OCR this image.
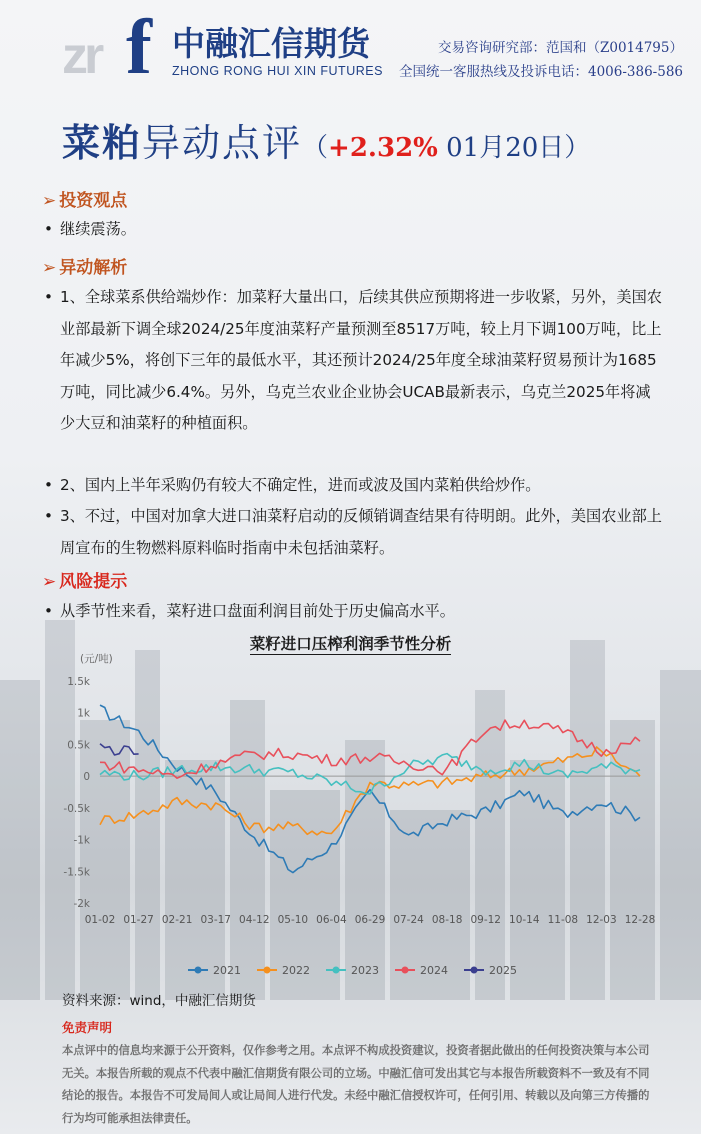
zr f 中融汇信期货
ZHONG RONG HUI XIN FUTURES
交易咨询研究部：范国和（Z0014795）
全国统一客服热线及投诉电话：4006-386-586
菜粕异动点评（+2.32% 01月20日）
➢ 投资观点
• 继续震荡。
➢ 异动解析
• 1、全球菜系供给端炒作：加菜籽大量出口，后续其供应预期将进一步收紧，另外，美国农业部最新下调全球2024/25年度油菜籽产量预测至8517万吨，较上月下调100万吨，比上年减少5%，将创下三年的最低水平，其还预计2024/25年度全球油菜籽贸易预计为1685万吨，同比减少6.4%。另外，乌克兰农业企业协会UCAB最新表示，乌克兰2025年将减少大豆和油菜籽的种植面积。
• 2、国内上半年采购仍有较大不确定性，进而或波及国内菜粕供给炒作。
• 3、不过，中国对加拿大进口油菜籽启动的反倾销调查结果有待明朗。此外，美国农业部上周宣布的生物燃料原料临时指南中未包括油菜籽。
➢ 风险提示
• 从季节性来看，菜籽进口盘面利润目前处于历史偏高水平。
菜籽进口压榨利润季节性分析
(元/吨)
1.5k
1k
0.5k
0
-0.5k
-1k
-1.5k
-2k
01-02 01-27 02-21 03-17 04-12 05-10 06-04 06-29 07-24 08-18 09-12 10-14 11-08 12-03 12-28
2021	2022	2023	2024	2025
资料来源：wind，中融汇信期货
免责声明
本点评中的信息均来源于公开资料，仅作参考之用。本点评不构成投资建议，投资者据此做出的任何投资决策与本公司无关。本报告所载的观点不代表中融汇信期货有限公司的立场。中融汇信可发出其它与本报告所载资料不一致及有不同结论的报告。本报告不可发局间人或让局间人进行代发。未经中融汇信授权许可，任何引用、转载以及向第三方传播的行为均可能承担法律责任。
